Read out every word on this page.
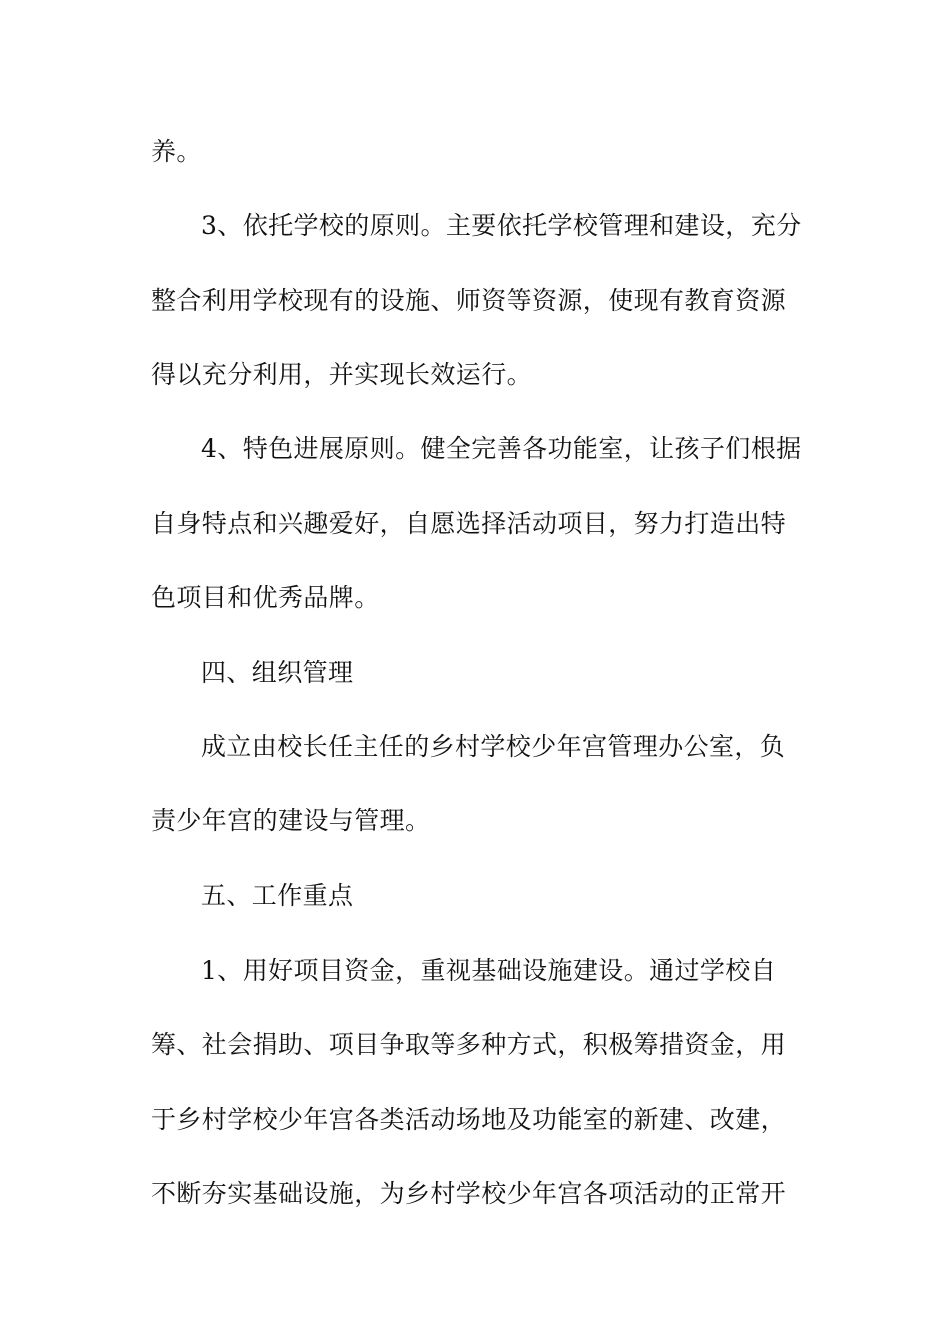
养。
3、依托学校的原则。主要依托学校管理和建设，充分
整合利用学校现有的设施、师资等资源，使现有教育资源
得以充分利用，并实现长效运行。
4、特色进展原则。健全完善各功能室，让孩子们根据
自身特点和兴趣爱好，自愿选择活动项目，努力打造出特
色项目和优秀品牌。
四、组织管理
成立由校长任主任的乡村学校少年宫管理办公室，负
责少年宫的建设与管理。
五、工作重点
1、用好项目资金，重视基础设施建设。通过学校自
筹、社会捐助、项目争取等多种方式，积极筹措资金，用
于乡村学校少年宫各类活动场地及功能室的新建、改建，
不断夯实基础设施，为乡村学校少年宫各项活动的正常开
